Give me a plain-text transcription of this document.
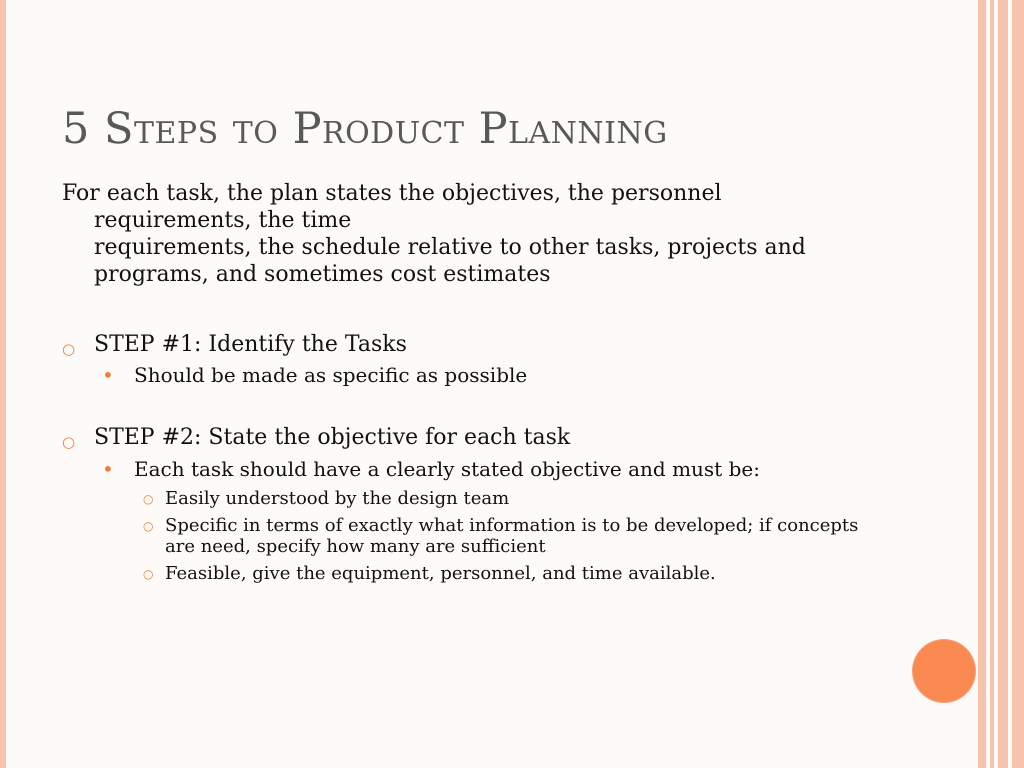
5 Steps to Product Planning

For each task, the plan states the objectives, the personnel requirements, the time
requirements, the schedule relative to other tasks, projects and programs, and sometimes cost estimates

○ STEP #1: Identify the Tasks
• Should be made as specific as possible
○ STEP #2: State the objective for each task
• Each task should have a clearly stated objective and must be:
○ Easily understood by the design team
○ Specific in terms of exactly what information is to be developed; if concepts are need, specify how many are sufficient
○ Feasible, give the equipment, personnel, and time available.
